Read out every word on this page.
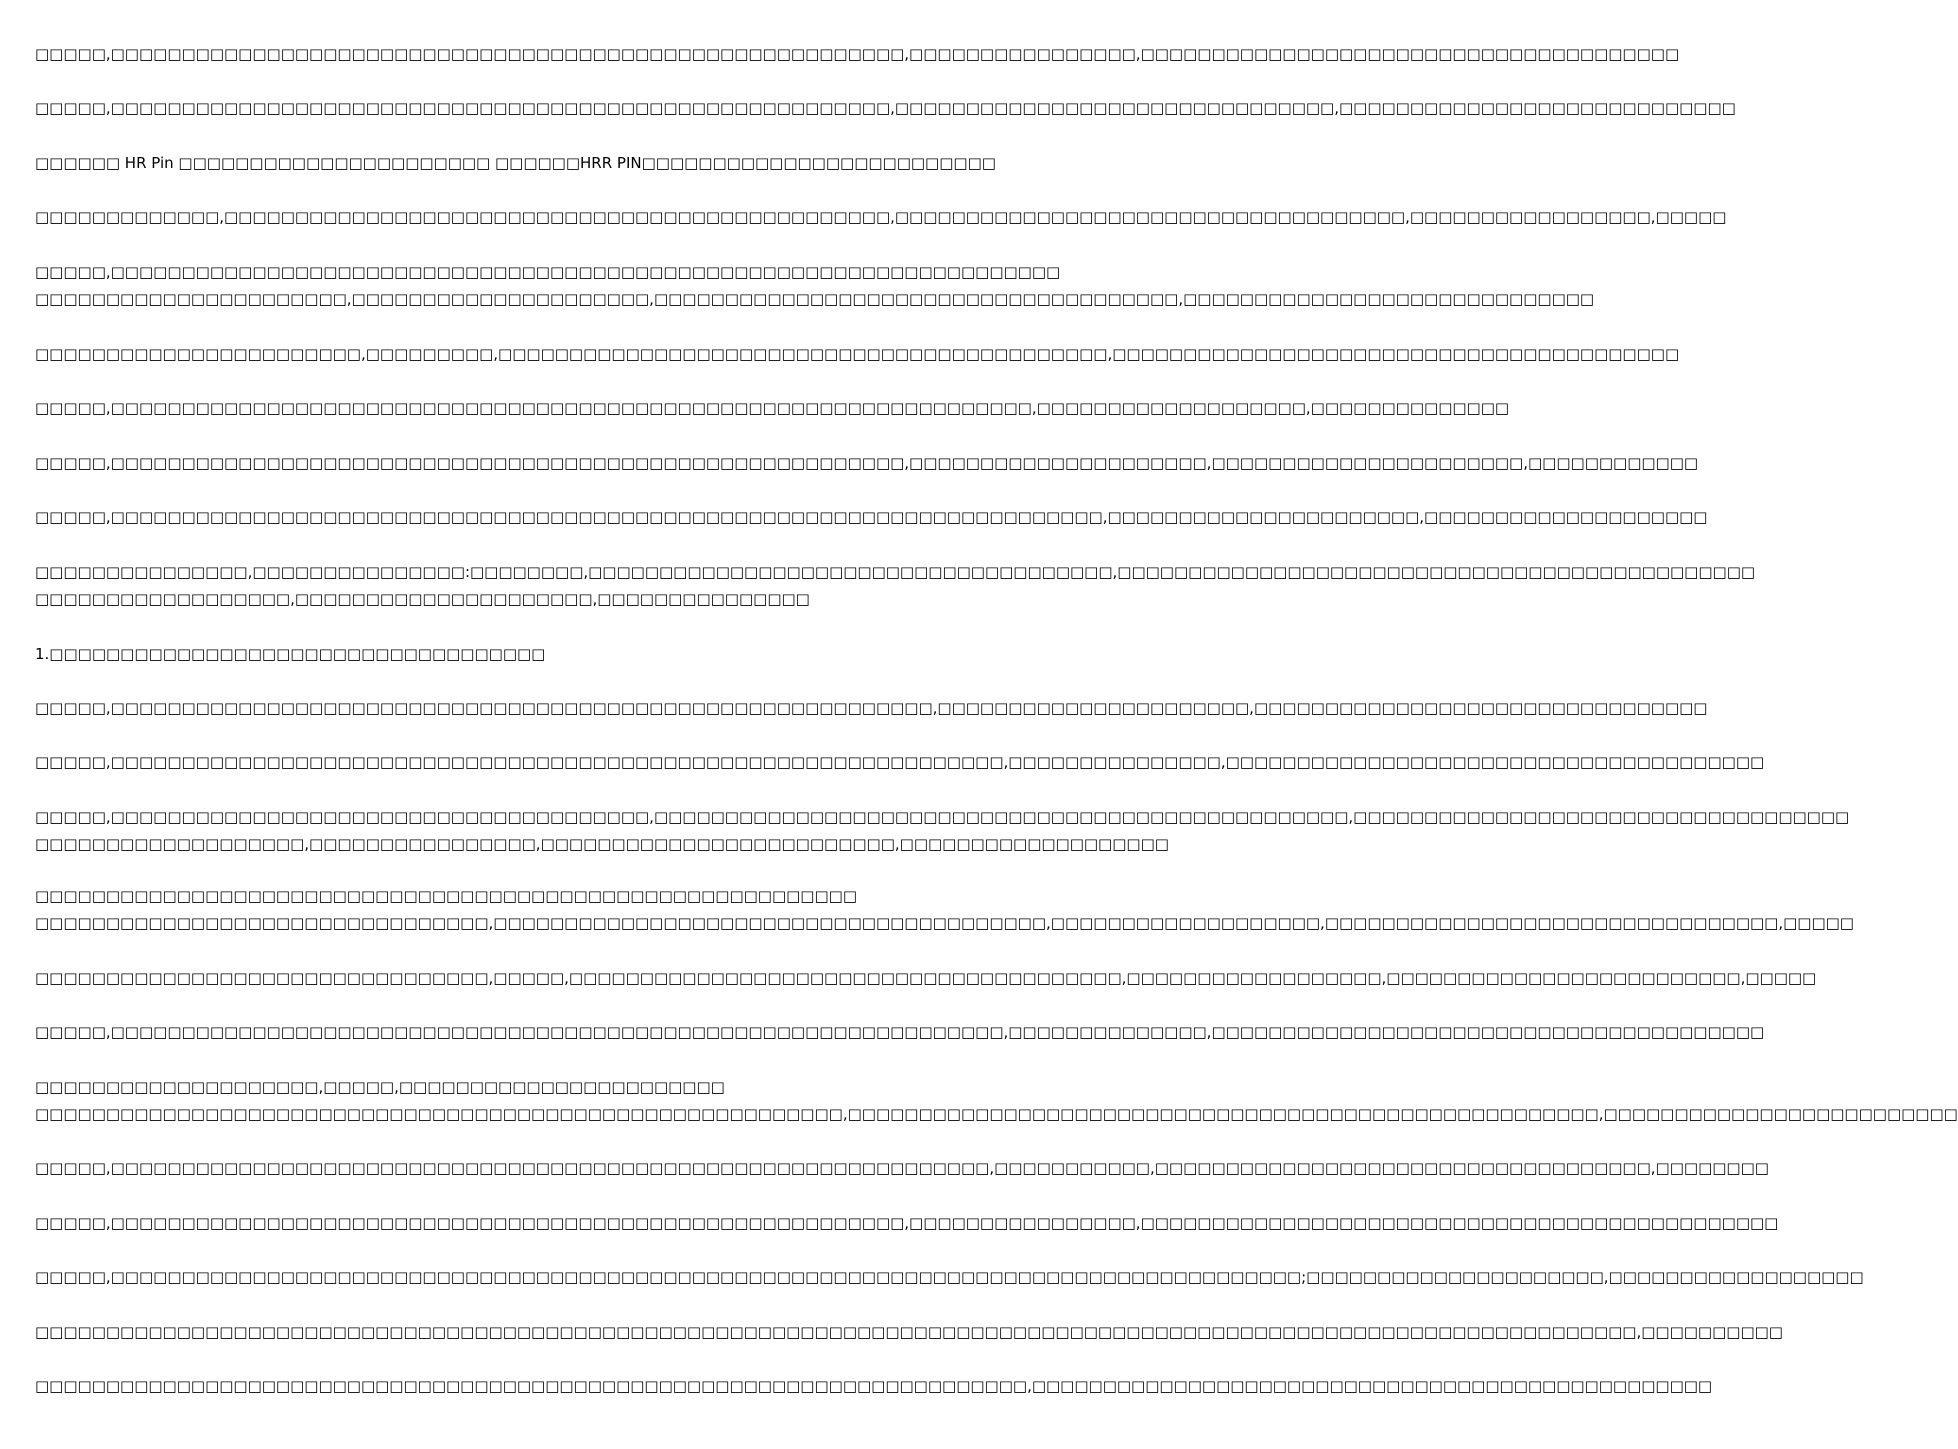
□□□□□,□□□□□□□□□□□□□□□□□□□□□□□□□□□□□□□□□□□□□□□□□□□□□□□□□□□□□□□□,□□□□□□□□□□□□□□□□,□□□□□□□□□□□□□□□□□□□□□□□□□□□□□□□□□□□□□□
□□□□□,□□□□□□□□□□□□□□□□□□□□□□□□□□□□□□□□□□□□□□□□□□□□□□□□□□□□□□□,□□□□□□□□□□□□□□□□□□□□□□□□□□□□□□□,□□□□□□□□□□□□□□□□□□□□□□□□□□□□
□□□□□□ HR Pin □□□□□□□□□□□□□□□□□□□□□□ □□□□□□HRR PIN□□□□□□□□□□□□□□□□□□□□□□□□□
□□□□□□□□□□□□□,□□□□□□□□□□□□□□□□□□□□□□□□□□□□□□□□□□□□□□□□□□□□□□□,□□□□□□□□□□□□□□□□□□□□□□□□□□□□□□□□□□□□,□□□□□□□□□□□□□□□□□,□□□□□
□□□□□,□□□□□□□□□□□□□□□□□□□□□□□□□□□□□□□□□□□□□□□□□□□□□□□□□□□□□□□□□□□□□□□□□□□
□□□□□□□□□□□□□□□□□□□□□□,□□□□□□□□□□□□□□□□□□□□□,□□□□□□□□□□□□□□□□□□□□□□□□□□□□□□□□□□□□□,□□□□□□□□□□□□□□□□□□□□□□□□□□□□□
□□□□□□□□□□□□□□□□□□□□□□□,□□□□□□□□□,□□□□□□□□□□□□□□□□□□□□□□□□□□□□□□□□□□□□□□□□□□□,□□□□□□□□□□□□□□□□□□□□□□□□□□□□□□□□□□□□□□□□
□□□□□,□□□□□□□□□□□□□□□□□□□□□□□□□□□□□□□□□□□□□□□□□□□□□□□□□□□□□□□□□□□□□□□□□,□□□□□□□□□□□□□□□□□□□,□□□□□□□□□□□□□□
□□□□□,□□□□□□□□□□□□□□□□□□□□□□□□□□□□□□□□□□□□□□□□□□□□□□□□□□□□□□□□,□□□□□□□□□□□□□□□□□□□□□,□□□□□□□□□□□□□□□□□□□□□□,□□□□□□□□□□□□
□□□□□,□□□□□□□□□□□□□□□□□□□□□□□□□□□□□□□□□□□□□□□□□□□□□□□□□□□□□□□□□□□□□□□□□□□□□□,□□□□□□□□□□□□□□□□□□□□□□,□□□□□□□□□□□□□□□□□□□□
□□□□□□□□□□□□□□□,□□□□□□□□□□□□□□□:□□□□□□□□,□□□□□□□□□□□□□□□□□□□□□□□□□□□□□□□□□□□□□,□□□□□□□□□□□□□□□□□□□□□□□□□□□□□□□□□□□□□□□□□□□□□
□□□□□□□□□□□□□□□□□□,□□□□□□□□□□□□□□□□□□□□□,□□□□□□□□□□□□□□□
1.□□□□□□□□□□□□□□□□□□□□□□□□□□□□□□□□□□□
□□□□□,□□□□□□□□□□□□□□□□□□□□□□□□□□□□□□□□□□□□□□□□□□□□□□□□□□□□□□□□□□,□□□□□□□□□□□□□□□□□□□□□□,□□□□□□□□□□□□□□□□□□□□□□□□□□□□□□□□
□□□□□,□□□□□□□□□□□□□□□□□□□□□□□□□□□□□□□□□□□□□□□□□□□□□□□□□□□□□□□□□□□□□□□,□□□□□□□□□□□□□□□,□□□□□□□□□□□□□□□□□□□□□□□□□□□□□□□□□□□□□□
□□□□□,□□□□□□□□□□□□□□□□□□□□□□□□□□□□□□□□□□□□□□,□□□□□□□□□□□□□□□□□□□□□□□□□□□□□□□□□□□□□□□□□□□□□□□□□,□□□□□□□□□□□□□□□□□□□□□□□□□□□□□□□□□□□
□□□□□□□□□□□□□□□□□□□,□□□□□□□□□□□□□□□□,□□□□□□□□□□□□□□□□□□□□□□□□□,□□□□□□□□□□□□□□□□□□□
□□□□□□□□□□□□□□□□□□□□□□□□□□□□□□□□□□□□□□□□□□□□□□□□□□□□□□□□□□
□□□□□□□□□□□□□□□□□□□□□□□□□□□□□□□□,□□□□□□□□□□□□□□□□□□□□□□□□□□□□□□□□□□□□□□□,□□□□□□□□□□□□□□□□□□□,□□□□□□□□□□□□□□□□□□□□□□□□□□□□□□□□,□□□□□
□□□□□□□□□□□□□□□□□□□□□□□□□□□□□□□□,□□□□□,□□□□□□□□□□□□□□□□□□□□□□□□□□□□□□□□□□□□□□□,□□□□□□□□□□□□□□□□□□,□□□□□□□□□□□□□□□□□□□□□□□□□,□□□□□
□□□□□,□□□□□□□□□□□□□□□□□□□□□□□□□□□□□□□□□□□□□□□□□□□□□□□□□□□□□□□□□□□□□□□,□□□□□□□□□□□□□□,□□□□□□□□□□□□□□□□□□□□□□□□□□□□□□□□□□□□□□□
□□□□□□□□□□□□□□□□□□□□,□□□□□,□□□□□□□□□□□□□□□□□□□□□□□
□□□□□□□□□□□□□□□□□□□□□□□□□□□□□□□□□□□□□□□□□□□□□□□□□□□□□□□□□,□□□□□□□□□□□□□□□□□□□□□□□□□□□□□□□□□□□□□□□□□□□□□□□□□□□□□,□□□□□□□□□□□□□□□□□□□□□□□□□
□□□□□,□□□□□□□□□□□□□□□□□□□□□□□□□□□□□□□□□□□□□□□□□□□□□□□□□□□□□□□□□□□□□□,□□□□□□□□□□□,□□□□□□□□□□□□□□□□□□□□□□□□□□□□□□□□□□□,□□□□□□□□
□□□□□,□□□□□□□□□□□□□□□□□□□□□□□□□□□□□□□□□□□□□□□□□□□□□□□□□□□□□□□□,□□□□□□□□□□□□□□□□,□□□□□□□□□□□□□□□□□□□□□□□□□□□□□□□□□□□□□□□□□□□□□
□□□□□,□□□□□□□□□□□□□□□□□□□□□□□□□□□□□□□□□□□□□□□□□□□□□□□□□□□□□□□□□□□□□□□□□□□□□□□□□□□□□□□□□□□□;□□□□□□□□□□□□□□□□□□□□□,□□□□□□□□□□□□□□□□□□
□□□□□□□□□□□□□□□□□□□□□□□□□□□□□□□□□□□□□□□□□□□□□□□□□□□□□□□□□□□□□□□□□□□□□□□□□□□□□□□□□□□□□□□□□□□□□□□□□□□□□□□□□□□□□□□□□,□□□□□□□□□□
□□□□□□□□□□□□□□□□□□□□□□□□□□□□□□□□□□□□□□□□□□□□□□□□□□□□□□□□□□□□□□□□□□□□□□,□□□□□□□□□□□□□□□□□□□□□□□□□□□□□□□□□□□□□□□□□□□□□□□□
